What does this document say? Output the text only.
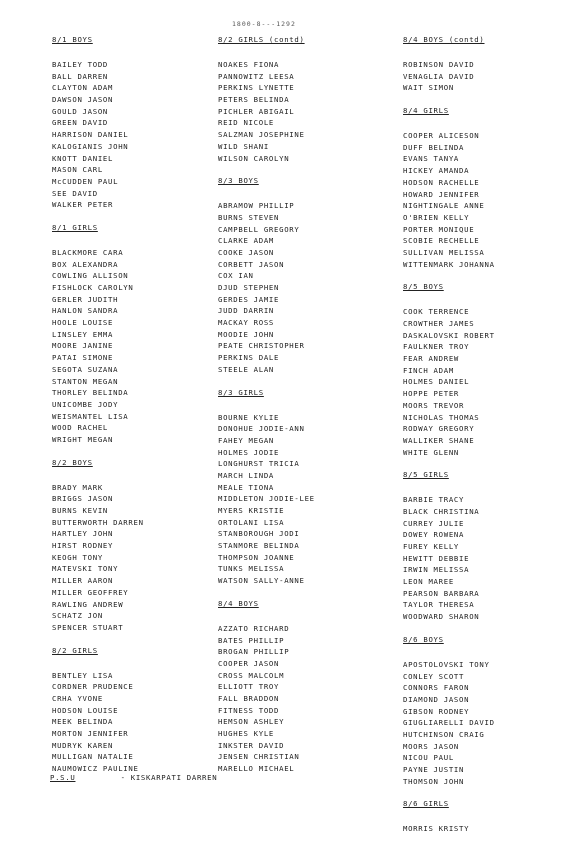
1800-8---1292
8/1 BOYS
BAILEY TODD
BALL DARREN
CLAYTON ADAM
DAWSON JASON
GOULD JASON
GREEN DAVID
HARRISON DANIEL
KALOGIANIS JOHN
KNOTT DANIEL
MASON CARL
McCUDDEN PAUL
SEE DAVID
WALKER PETER
8/1 GIRLS
BLACKMORE CARA
BOX ALEXANDRA
COWLING ALLISON
FISHLOCK CAROLYN
GERLER JUDITH
HANLON SANDRA
HOOLE LOUISE
LINSLEY EMMA
MOORE JANINE
PATAI SIMONE
SEGOTA SUZANA
STANTON MEGAN
THORLEY BELINDA
UNICOMBE JODY
WEISMANTEL LISA
WOOD RACHEL
WRIGHT MEGAN
8/2 BOYS
BRADY MARK
BRIGGS JASON
BURNS KEVIN
BUTTERWORTH DARREN
HARTLEY JOHN
HIRST RODNEY
KEOGH TONY
MATEVSKI TONY
MILLER AARON
MILLER GEOFFREY
RAWLING ANDREW
SCHATZ JON
SPENCER STUART
8/2 GIRLS
BENTLEY LISA
CORDNER PRUDENCE
CRHA YVONE
HODSON LOUISE
MEEK BELINDA
MORTON JENNIFER
MUDRYK KAREN
MULLIGAN NATALIE
NAUMOWICZ PAULINE
8/2 GIRLS (contd)
NOAKES FIONA
PANNOWITZ LEESA
PERKINS LYNETTE
PETERS BELINDA
PICHLER ABIGAIL
REID NICOLE
SALZMAN JOSEPHINE
WILD SHANI
WILSON CAROLYN
8/3 BOYS
ABRAMOW PHILLIP
BURNS STEVEN
CAMPBELL GREGORY
CLARKE ADAM
COOKE JASON
CORBETT JASON
COX IAN
DJUD STEPHEN
GERDES JAMIE
JUDD DARRIN
MACKAY ROSS
MOODIE JOHN
PEATE CHRISTOPHER
PERKINS DALE
STEELE ALAN
8/3 GIRLS
BOURNE KYLIE
DONOHUE JODIE-ANN
FAHEY MEGAN
HOLMES JODIE
LONGHURST TRICIA
MARCH LINDA
MEALE TIONA
MIDDLETON JODIE-LEE
MYERS KRISTIE
ORTOLANI LISA
STANBOROUGH JODI
STANMORE BELINDA
THOMPSON JOANNE
TUNKS MELISSA
WATSON SALLY-ANNE
8/4 BOYS
AZZATO RICHARD
BATES PHILLIP
BROGAN PHILLIP
COOPER JASON
CROSS MALCOLM
ELLIOTT TROY
FALL BRADDON
FITNESS TODD
HEMSON ASHLEY
HUGHES KYLE
INKSTER DAVID
JENSEN CHRISTIAN
MARELLO MICHAEL
8/4 BOYS (contd)
ROBINSON DAVID
VENAGLIA DAVID
WAIT SIMON
8/4 GIRLS
COOPER ALICESON
DUFF BELINDA
EVANS TANYA
HICKEY AMANDA
HODSON RACHELLE
HOWARD JENNIFER
NIGHTINGALE ANNE
O'BRIEN KELLY
PORTER MONIQUE
SCOBIE RECHELLE
SULLIVAN MELISSA
WITTENMARK JOHANNA
8/5 BOYS
COOK TERRENCE
CROWTHER JAMES
DASKALOVSKI ROBERT
FAULKNER TROY
FEAR ANDREW
FINCH ADAM
HOLMES DANIEL
HOPPE PETER
MOORS TREVOR
NICHOLAS THOMAS
RODWAY GREGORY
WALLIKER SHANE
WHITE GLENN
8/5 GIRLS
BARBIE TRACY
BLACK CHRISTINA
CURREY JULIE
DOWEY ROWENA
FUREY KELLY
HEWITT DEBBIE
IRWIN MELISSA
LEON MAREE
PEARSON BARBARA
TAYLOR THERESA
WOODWARD SHARON
8/6 BOYS
APOSTOLOVSKI TONY
CONLEY SCOTT
CONNORS FARON
DIAMOND JASON
GIBSON RODNEY
GIUGLIARELLI DAVID
HUTCHINSON CRAIG
MOORS JASON
NICOU PAUL
PAYNE JUSTIN
THOMSON JOHN
8/6 GIRLS
MORRIS KRISTY
P.S.U	- KISKARPATI DARREN
